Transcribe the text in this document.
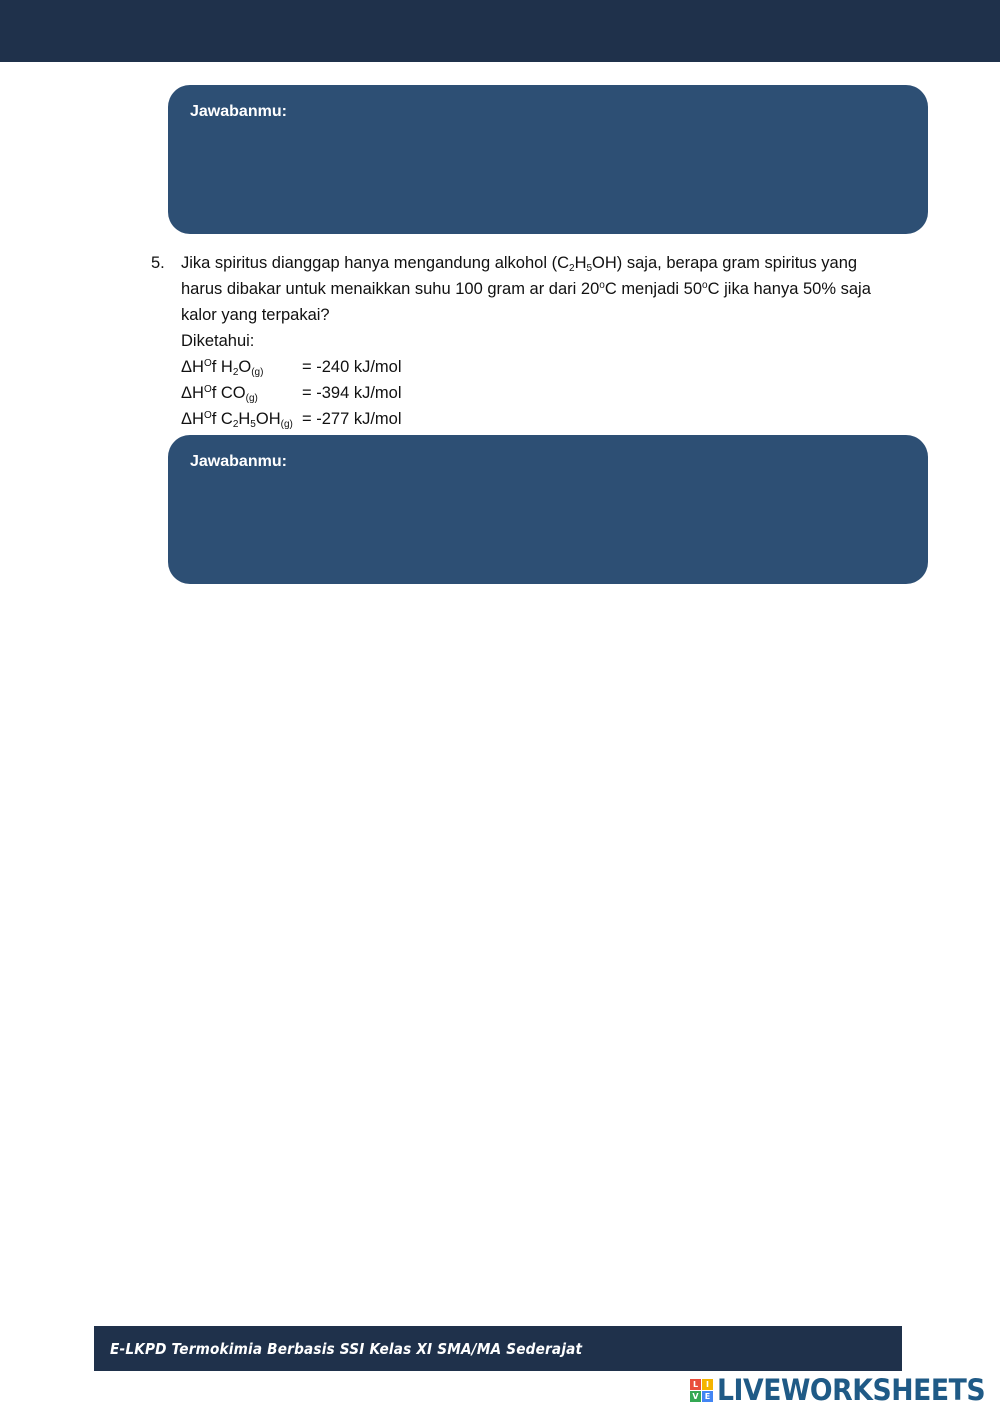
Jawabanmu:
5. Jika spiritus dianggap hanya mengandung alkohol $(C_2H_5OH)$ saja, berapa gram spiritus yang
harus dibakar untuk menaikkan suhu 100 gram ar dari 20$^o$C menjadi 50$^o$C jika hanya 50% saja
kalor yang terpakai?
Diketahui:
$\Delta H^Of$ $H_2O_{(g)}$	= -240 kJ/mol
$\Delta H^Of$ $CO_{(g)}$	= -394 kJ/mol
$\Delta H^Of$ $C_2H_5OH_{(g)} = -277$ kJ/mol
Jawabanmu:
E-LKPD Termokimia Berbasis SSI Kelas XI SMA/MA Sederajat
L I
V E LIVEWORKSHEETS
